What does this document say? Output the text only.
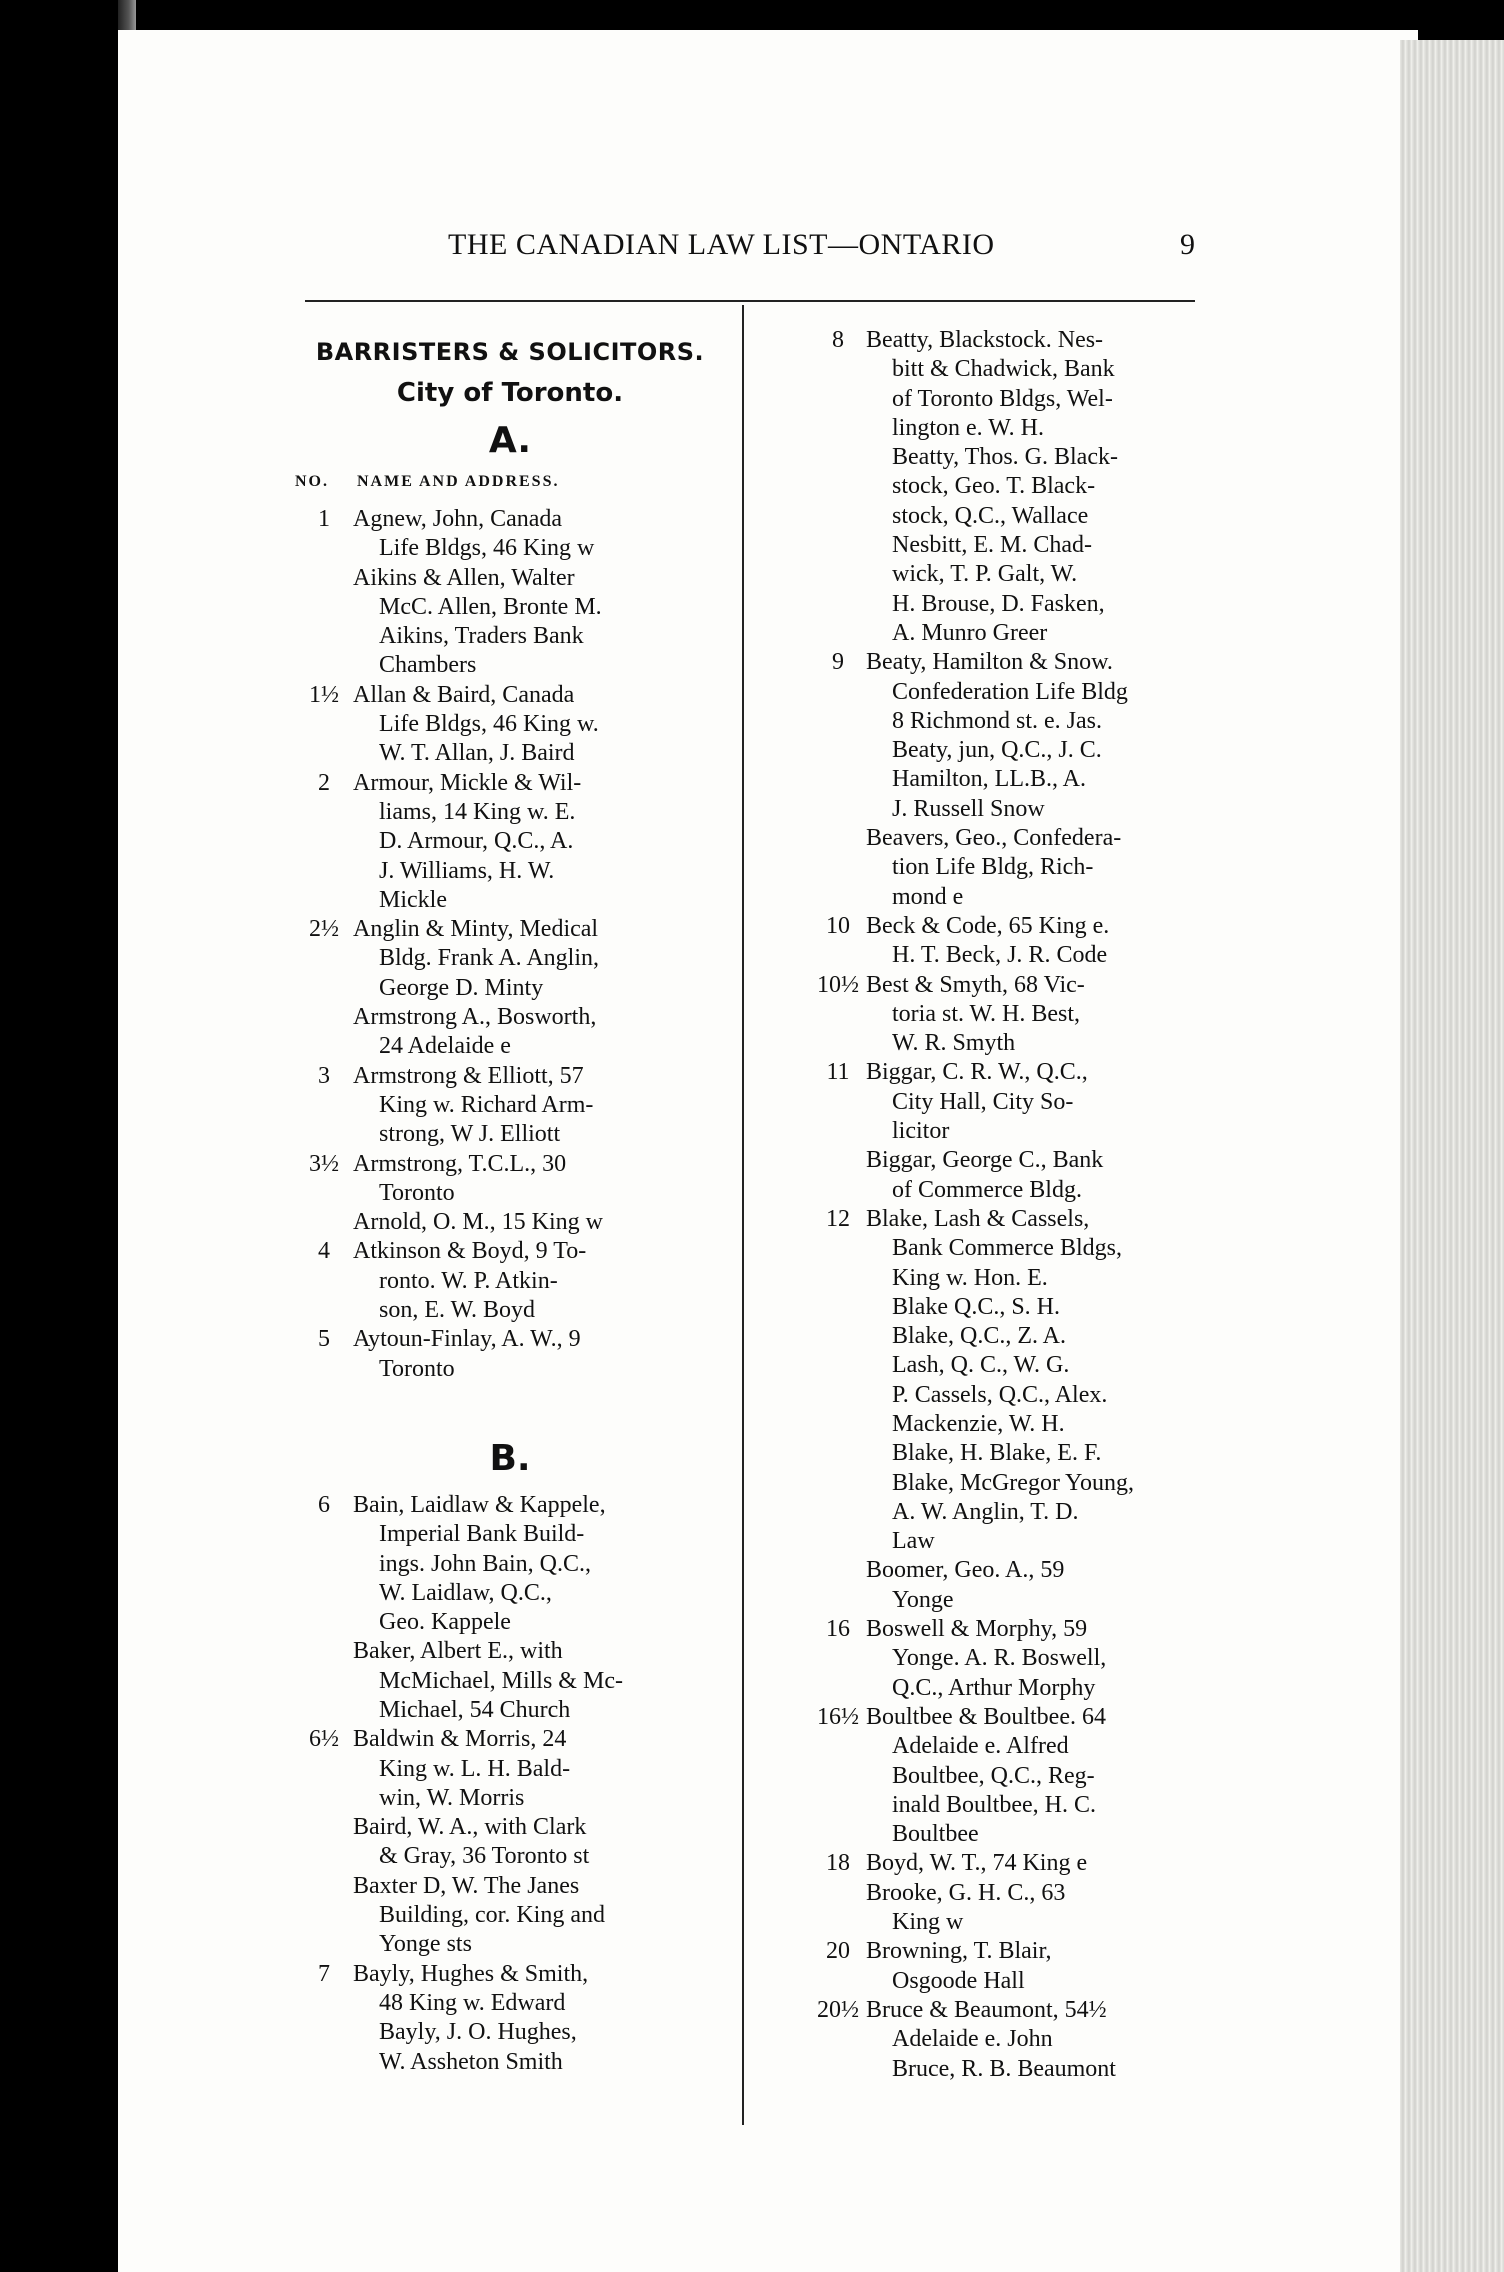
THE CANADIAN LAW LIST—ONTARIO	9
BARRISTERS & SOLICITORS.
City of Toronto.
A.
NO.	NAME AND ADDRESS.
1 Agnew, John, Canada
Life Bldgs, 46 King w
Aikins & Allen, Walter
McC. Allen, Bronte M.
Aikins, Traders Bank
Chambers
1½ Allan & Baird, Canada
Life Bldgs, 46 King w.
W. T. Allan, J. Baird
2 Armour, Mickle & Wil-
liams, 14 King w. E.
D. Armour, Q.C., A.
J. Williams, H. W.
Mickle
2½ Anglin & Minty, Medical
Bldg. Frank A. Anglin,
George D. Minty
Armstrong A., Bosworth,
24 Adelaide e
3 Armstrong & Elliott, 57
King w. Richard Arm-
strong, W J. Elliott
3½ Armstrong, T.C.L., 30
Toronto
Arnold, O. M., 15 King w
4 Atkinson & Boyd, 9 To-
ronto. W. P. Atkin-
son, E. W. Boyd
5 Aytoun-Finlay, A. W., 9
Toronto
B.
6 Bain, Laidlaw & Kappele,
Imperial Bank Build-
ings. John Bain, Q.C.,
W. Laidlaw, Q.C.,
Geo. Kappele
Baker, Albert E., with
McMichael, Mills & Mc-
Michael, 54 Church
6½ Baldwin & Morris, 24
King w. L. H. Bald-
win, W. Morris
Baird, W. A., with Clark
& Gray, 36 Toronto st
Baxter D, W. The Janes
Building, cor. King and
Yonge sts
7 Bayly, Hughes & Smith,
48 King w. Edward
Bayly, J. O. Hughes,
W. Assheton Smith
8 Beatty, Blackstock. Nes-
bitt & Chadwick, Bank
of Toronto Bldgs, Wel-
lington e. W. H.
Beatty, Thos. G. Black-
stock, Geo. T. Black-
stock, Q.C., Wallace
Nesbitt, E. M. Chad-
wick, T. P. Galt, W.
H. Brouse, D. Fasken,
A. Munro Greer
9 Beaty, Hamilton & Snow.
Confederation Life Bldg
8 Richmond st. e. Jas.
Beaty, jun, Q.C., J. C.
Hamilton, LL.B., A.
J. Russell Snow
Beavers, Geo., Confedera-
tion Life Bldg, Rich-
mond e
10 Beck & Code, 65 King e.
H. T. Beck, J. R. Code
10½ Best & Smyth, 68 Vic-
toria st. W. H. Best,
W. R. Smyth
11 Biggar, C. R. W., Q.C.,
City Hall, City So-
licitor
Biggar, George C., Bank
of Commerce Bldg.
12 Blake, Lash & Cassels,
Bank Commerce Bldgs,
King w. Hon. E.
Blake Q.C., S. H.
Blake, Q.C., Z. A.
Lash, Q. C., W. G.
P. Cassels, Q.C., Alex.
Mackenzie, W. H.
Blake, H. Blake, E. F.
Blake, McGregor Young,
A. W. Anglin, T. D.
Law
Boomer, Geo. A., 59
Yonge
16 Boswell & Morphy, 59
Yonge. A. R. Boswell,
Q.C., Arthur Morphy
16½ Boultbee & Boultbee. 64
Adelaide e. Alfred
Boultbee, Q.C., Reg-
inald Boultbee, H. C.
Boultbee
18 Boyd, W. T., 74 King e
Brooke, G. H. C., 63
King w
20 Browning, T. Blair,
Osgoode Hall
20½ Bruce & Beaumont, 54½
Adelaide e. John
Bruce, R. B. Beaumont
